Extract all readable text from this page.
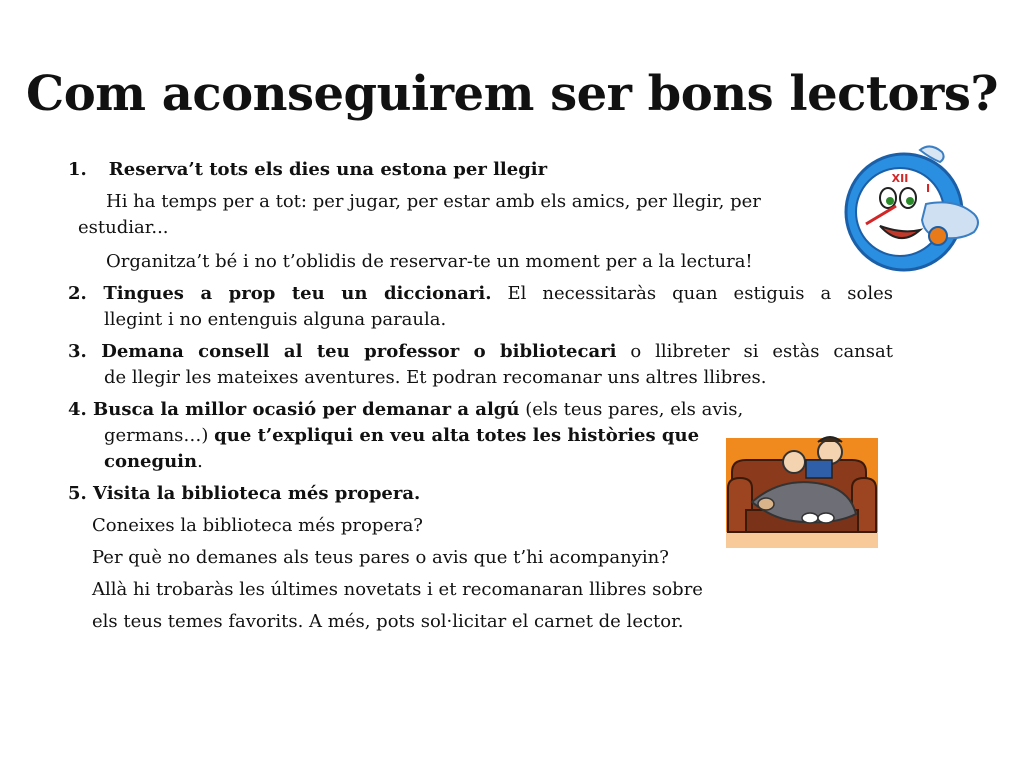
Com aconseguirem ser bons lectors?

1. Reserva’t tots els dies una estona per llegir

Hi ha temps per a tot: per jugar, per estar amb els amics, per llegir, per

estudiar...

Organitza’t bé i no t’oblidis de reservar-te un moment per a la lectura!

2. Tingues a prop teu un diccionari. El necessitaràs quan estiguis a soles

llegint i no entenguis alguna paraula.

3. Demana consell al teu professor o bibliotecari o llibreter si estàs cansat

de llegir les mateixes aventures. Et podran recomanar uns altres llibres.

4. Busca la millor ocasió per demanar a algú (els teus pares, els avis,

germans…) que t’expliqui en veu alta totes les històries que

coneguin.

5. Visita la biblioteca més propera.

Coneixes la biblioteca més propera?

Per què no demanes als teus pares o avis que t’hi acompanyin?

Allà hi trobaràs les últimes novetats i et recomanaran llibres sobre

els teus temes favorits. A més, pots sol·licitar el carnet de lector.

XII
I
